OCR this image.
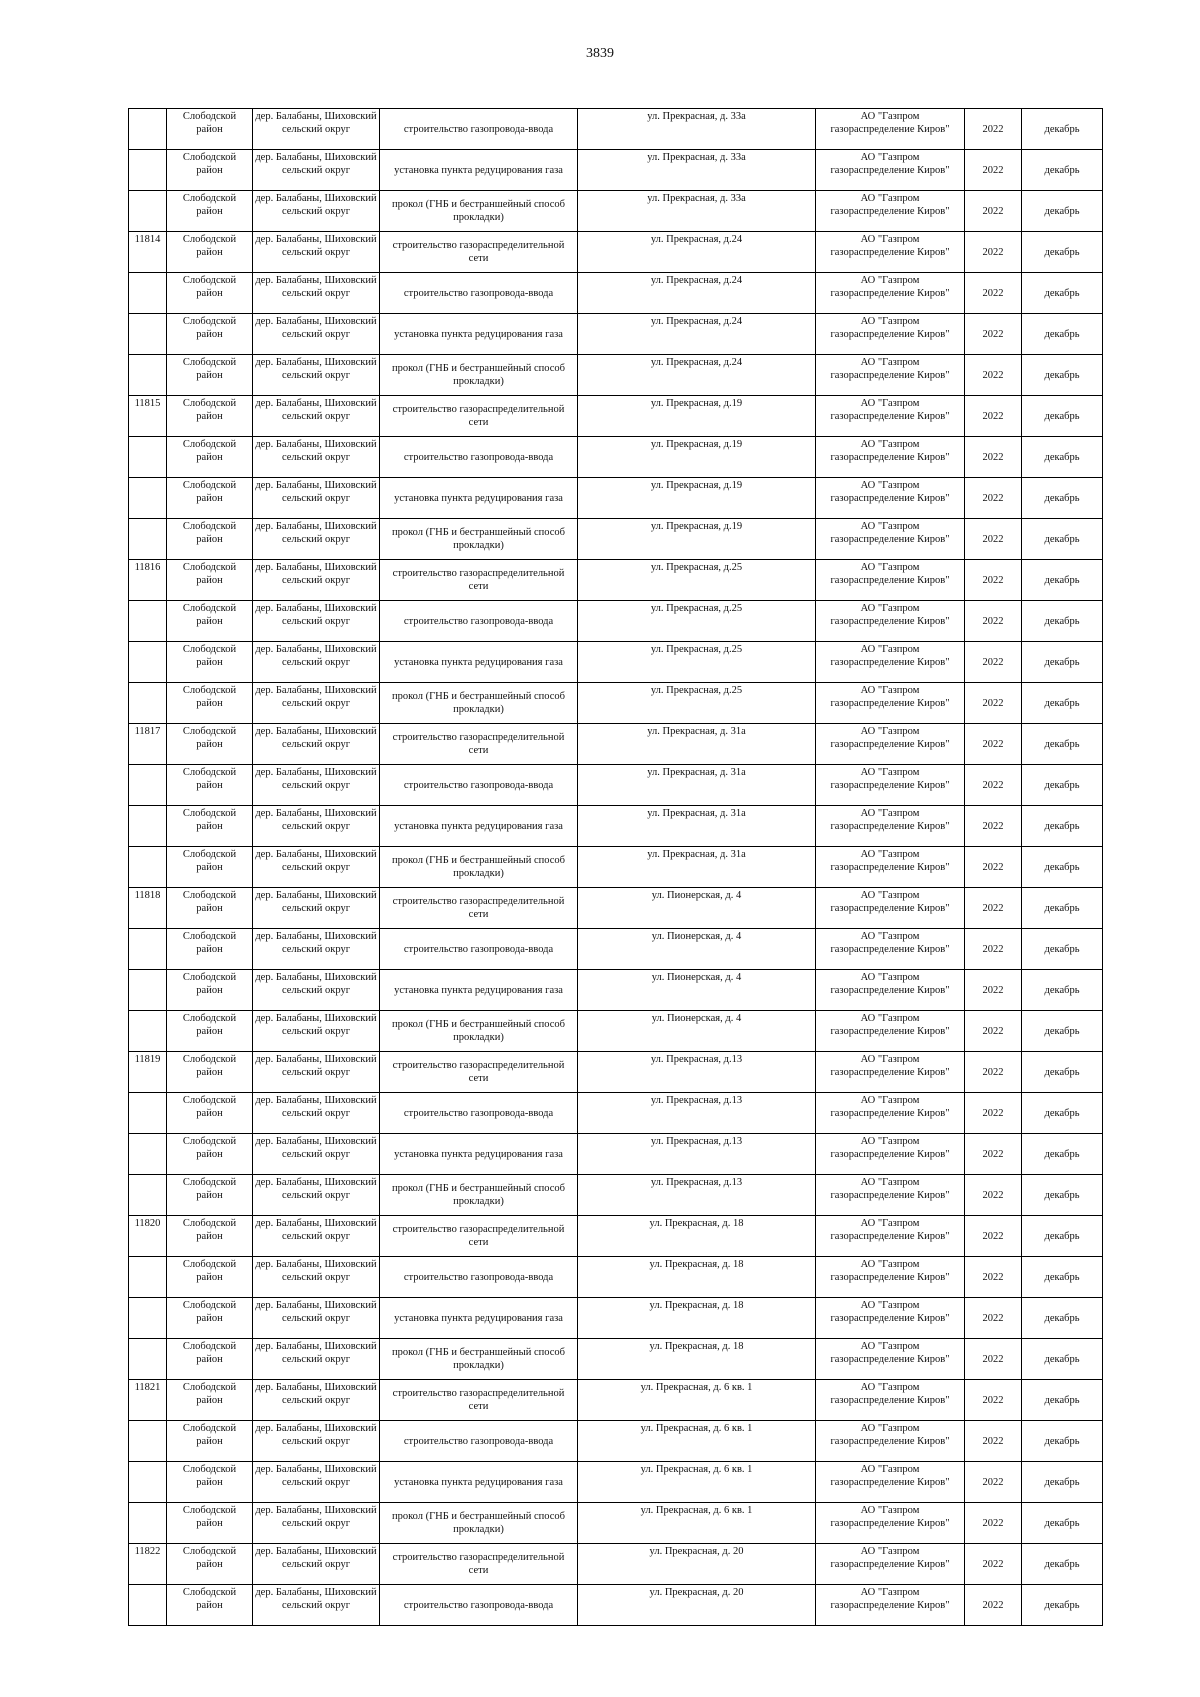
3839
	Слободской район	дер. Балабаны, Шиховский сельский округ	строительство газопровода-ввода	ул. Прекрасная, д. 33а	АО "Газпром газораспределение Киров"	2022	декабрь
	Слободской район	дер. Балабаны, Шиховский сельский округ	установка пункта редуцирования газа	ул. Прекрасная, д. 33а	АО "Газпром газораспределение Киров"	2022	декабрь
	Слободской район	дер. Балабаны, Шиховский сельский округ	прокол (ГНБ и бестраншейный способ прокладки)	ул. Прекрасная, д. 33а	АО "Газпром газораспределение Киров"	2022	декабрь
11814	Слободской район	дер. Балабаны, Шиховский сельский округ	строительство газораспределительной сети	ул. Прекрасная, д.24	АО "Газпром газораспределение Киров"	2022	декабрь
	Слободской район	дер. Балабаны, Шиховский сельский округ	строительство газопровода-ввода	ул. Прекрасная, д.24	АО "Газпром газораспределение Киров"	2022	декабрь
	Слободской район	дер. Балабаны, Шиховский сельский округ	установка пункта редуцирования газа	ул. Прекрасная, д.24	АО "Газпром газораспределение Киров"	2022	декабрь
	Слободской район	дер. Балабаны, Шиховский сельский округ	прокол (ГНБ и бестраншейный способ прокладки)	ул. Прекрасная, д.24	АО "Газпром газораспределение Киров"	2022	декабрь
11815	Слободской район	дер. Балабаны, Шиховский сельский округ	строительство газораспределительной сети	ул. Прекрасная, д.19	АО "Газпром газораспределение Киров"	2022	декабрь
	Слободской район	дер. Балабаны, Шиховский сельский округ	строительство газопровода-ввода	ул. Прекрасная, д.19	АО "Газпром газораспределение Киров"	2022	декабрь
	Слободской район	дер. Балабаны, Шиховский сельский округ	установка пункта редуцирования газа	ул. Прекрасная, д.19	АО "Газпром газораспределение Киров"	2022	декабрь
	Слободской район	дер. Балабаны, Шиховский сельский округ	прокол (ГНБ и бестраншейный способ прокладки)	ул. Прекрасная, д.19	АО "Газпром газораспределение Киров"	2022	декабрь
11816	Слободской район	дер. Балабаны, Шиховский сельский округ	строительство газораспределительной сети	ул. Прекрасная, д.25	АО "Газпром газораспределение Киров"	2022	декабрь
	Слободской район	дер. Балабаны, Шиховский сельский округ	строительство газопровода-ввода	ул. Прекрасная, д.25	АО "Газпром газораспределение Киров"	2022	декабрь
	Слободской район	дер. Балабаны, Шиховский сельский округ	установка пункта редуцирования газа	ул. Прекрасная, д.25	АО "Газпром газораспределение Киров"	2022	декабрь
	Слободской район	дер. Балабаны, Шиховский сельский округ	прокол (ГНБ и бестраншейный способ прокладки)	ул. Прекрасная, д.25	АО "Газпром газораспределение Киров"	2022	декабрь
11817	Слободской район	дер. Балабаны, Шиховский сельский округ	строительство газораспределительной сети	ул. Прекрасная, д. 31а	АО "Газпром газораспределение Киров"	2022	декабрь
	Слободской район	дер. Балабаны, Шиховский сельский округ	строительство газопровода-ввода	ул. Прекрасная, д. 31а	АО "Газпром газораспределение Киров"	2022	декабрь
	Слободской район	дер. Балабаны, Шиховский сельский округ	установка пункта редуцирования газа	ул. Прекрасная, д. 31а	АО "Газпром газораспределение Киров"	2022	декабрь
	Слободской район	дер. Балабаны, Шиховский сельский округ	прокол (ГНБ и бестраншейный способ прокладки)	ул. Прекрасная, д. 31а	АО "Газпром газораспределение Киров"	2022	декабрь
11818	Слободской район	дер. Балабаны, Шиховский сельский округ	строительство газораспределительной сети	ул. Пионерская, д. 4	АО "Газпром газораспределение Киров"	2022	декабрь
	Слободской район	дер. Балабаны, Шиховский сельский округ	строительство газопровода-ввода	ул. Пионерская, д. 4	АО "Газпром газораспределение Киров"	2022	декабрь
	Слободской район	дер. Балабаны, Шиховский сельский округ	установка пункта редуцирования газа	ул. Пионерская, д. 4	АО "Газпром газораспределение Киров"	2022	декабрь
	Слободской район	дер. Балабаны, Шиховский сельский округ	прокол (ГНБ и бестраншейный способ прокладки)	ул. Пионерская, д. 4	АО "Газпром газораспределение Киров"	2022	декабрь
11819	Слободской район	дер. Балабаны, Шиховский сельский округ	строительство газораспределительной сети	ул. Прекрасная, д.13	АО "Газпром газораспределение Киров"	2022	декабрь
	Слободской район	дер. Балабаны, Шиховский сельский округ	строительство газопровода-ввода	ул. Прекрасная, д.13	АО "Газпром газораспределение Киров"	2022	декабрь
	Слободской район	дер. Балабаны, Шиховский сельский округ	установка пункта редуцирования газа	ул. Прекрасная, д.13	АО "Газпром газораспределение Киров"	2022	декабрь
	Слободской район	дер. Балабаны, Шиховский сельский округ	прокол (ГНБ и бестраншейный способ прокладки)	ул. Прекрасная, д.13	АО "Газпром газораспределение Киров"	2022	декабрь
11820	Слободской район	дер. Балабаны, Шиховский сельский округ	строительство газораспределительной сети	ул. Прекрасная, д. 18	АО "Газпром газораспределение Киров"	2022	декабрь
	Слободской район	дер. Балабаны, Шиховский сельский округ	строительство газопровода-ввода	ул. Прекрасная, д. 18	АО "Газпром газораспределение Киров"	2022	декабрь
	Слободской район	дер. Балабаны, Шиховский сельский округ	установка пункта редуцирования газа	ул. Прекрасная, д. 18	АО "Газпром газораспределение Киров"	2022	декабрь
	Слободской район	дер. Балабаны, Шиховский сельский округ	прокол (ГНБ и бестраншейный способ прокладки)	ул. Прекрасная, д. 18	АО "Газпром газораспределение Киров"	2022	декабрь
11821	Слободской район	дер. Балабаны, Шиховский сельский округ	строительство газораспределительной сети	ул. Прекрасная, д. 6 кв. 1	АО "Газпром газораспределение Киров"	2022	декабрь
	Слободской район	дер. Балабаны, Шиховский сельский округ	строительство газопровода-ввода	ул. Прекрасная, д. 6 кв. 1	АО "Газпром газораспределение Киров"	2022	декабрь
	Слободской район	дер. Балабаны, Шиховский сельский округ	установка пункта редуцирования газа	ул. Прекрасная, д. 6 кв. 1	АО "Газпром газораспределение Киров"	2022	декабрь
	Слободской район	дер. Балабаны, Шиховский сельский округ	прокол (ГНБ и бестраншейный способ прокладки)	ул. Прекрасная, д. 6 кв. 1	АО "Газпром газораспределение Киров"	2022	декабрь
11822	Слободской район	дер. Балабаны, Шиховский сельский округ	строительство газораспределительной сети	ул. Прекрасная, д. 20	АО "Газпром газораспределение Киров"	2022	декабрь
	Слободской район	дер. Балабаны, Шиховский сельский округ	строительство газопровода-ввода	ул. Прекрасная, д. 20	АО "Газпром газораспределение Киров"	2022	декабрь
